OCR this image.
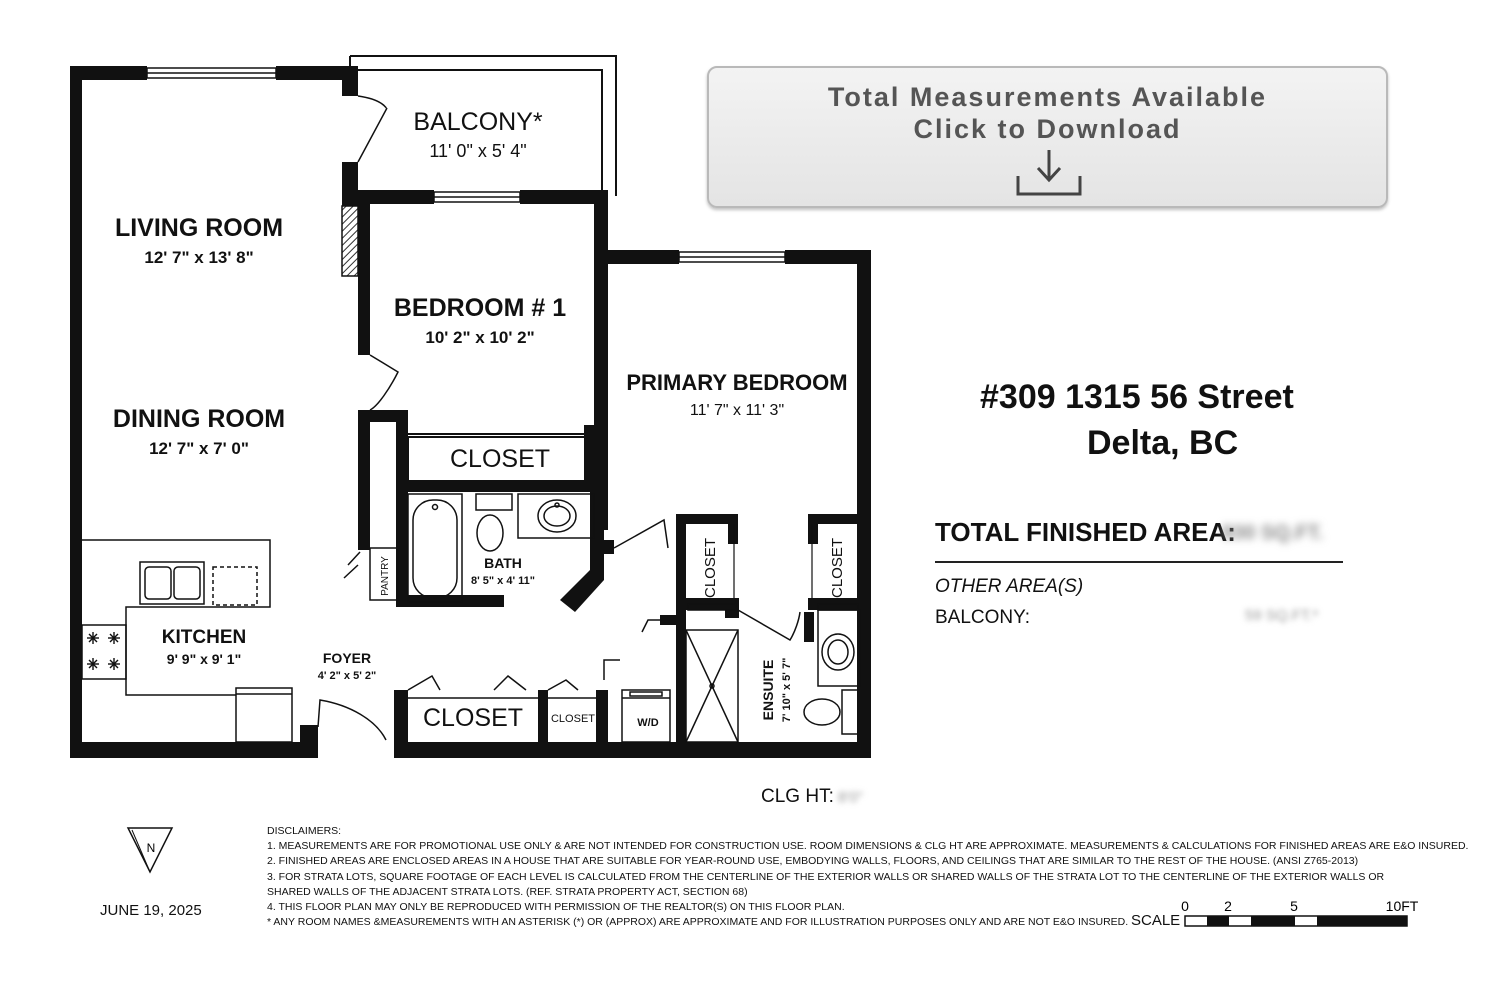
BALCONY*
11' 0" x 5' 4"
LIVING ROOM
12' 7" x 13' 8"
DINING ROOM
12' 7" x 7' 0"
BEDROOM # 1
10' 2" x 10' 2"
PRIMARY BEDROOM
11' 7" x 11' 3"
BATH
8' 5" x 4' 11"
KITCHEN
9' 9" x 9' 1"	FOYER
4' 2" x 5' 2"
CLOSET
CLOSET	CLOSET	W/D
PANTRY	CLOSET	CLOSET
ENSUITE 7' 10" x 5' 7"
N
0	2	5	10FT
Total Measurements Available
Click to Download
#309 1315 56 Street
Delta, BC
TOTAL FINISHED AREA:
930 SQ.FT.
OTHER AREA(S)
BALCONY:	59 SQ.FT.*
CLG HT: 8'0"
JUNE 19, 2025
DISCLAIMERS:
1. MEASUREMENTS ARE FOR PROMOTIONAL USE ONLY & ARE NOT INTENDED FOR CONSTRUCTION USE. ROOM DIMENSIONS & CLG HT ARE APPROXIMATE. MEASUREMENTS & CALCULATIONS FOR FINISHED AREAS ARE E&O INSURED.
2. FINISHED AREAS ARE ENCLOSED AREAS IN A HOUSE THAT ARE SUITABLE FOR YEAR-ROUND USE, EMBODYING WALLS, FLOORS, AND CEILINGS THAT ARE SIMILAR TO THE REST OF THE HOUSE. (ANSI Z765-2013)
3. FOR STRATA LOTS, SQUARE FOOTAGE OF EACH LEVEL IS CALCULATED FROM THE CENTERLINE OF THE EXTERIOR WALLS OR SHARED WALLS OF THE STRATA LOT TO THE CENTERLINE OF THE EXTERIOR WALLS OR
SHARED WALLS OF THE ADJACENT STRATA LOTS. (REF. STRATA PROPERTY ACT, SECTION 68)
4. THIS FLOOR PLAN MAY ONLY BE REPRODUCED WITH PERMISSION OF THE REALTOR(S) ON THIS FLOOR PLAN.
* ANY ROOM NAMES &MEASUREMENTS WITH AN ASTERISK (*) OR (APPROX) ARE APPROXIMATE AND FOR ILLUSTRATION PURPOSES ONLY AND ARE NOT E&O INSURED. SCALE
